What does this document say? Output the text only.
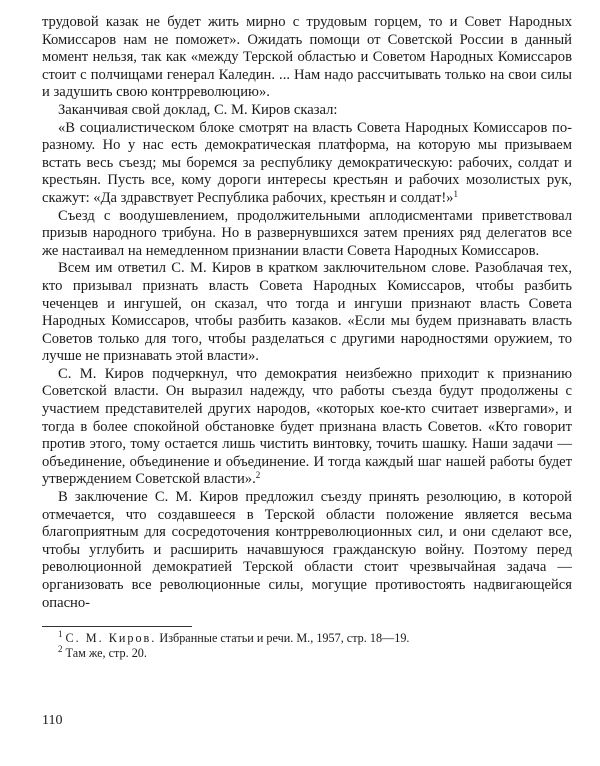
трудовой казак не будет жить мирно с трудовым горцем, то и Совет Народных Комиссаров нам не поможет». Ожидать помощи от Советской России в данный момент нельзя, так как «между Терской областью и Советом Народных Комиссаров стоит с полчищами генерал Каледин. ... Нам надо рассчитывать только на свои силы и задушить свою контрреволюцию».

Заканчивая свой доклад, С. М. Киров сказал:

«В социалистическом блоке смотрят на власть Совета Народных Комиссаров по-разному. Но у нас есть демократическая платформа, на которую мы призываем встать весь съезд; мы боремся за республику демократическую: рабочих, солдат и крестьян. Пусть все, кому дороги интересы крестьян и рабочих мозолистых рук, скажут: «Да здравствует Республика рабочих, крестьян и солдат!»$^1$

Съезд с воодушевлением, продолжительными аплодисментами приветствовал призыв народного трибуна. Но в развернувшихся затем прениях ряд делегатов все же настаивал на немедленном признании власти Совета Народных Комиссаров.

Всем им ответил С. М. Киров в кратком заключительном слове. Разоблачая тех, кто призывал признать власть Совета Народных Комиссаров, чтобы разбить чеченцев и ингушей, он сказал, что тогда и ингуши признают власть Совета Народных Комиссаров, чтобы разбить казаков. «Если мы будем признавать власть Советов только для того, чтобы разделаться с другими народностями оружием, то лучше не признавать этой власти».

С. М. Киров подчеркнул, что демократия неизбежно приходит к признанию Советской власти. Он выразил надежду, что работы съезда будут продолжены с участием представителей других народов, «которых кое-кто считает извергами», и тогда в более спокойной обстановке будет признана власть Советов. «Кто говорит против этого, тому остается лишь чистить винтовку, точить шашку. Наши задачи — объединение, объединение и объединение. И тогда каждый шаг нашей работы будет утверждением Советской власти».$^2$

В заключение С. М. Киров предложил съезду принять резолюцию, в которой отмечается, что создавшееся в Терской области положение является весьма благоприятным для сосредоточения контрреволюционных сил, и они сделают все, чтобы углубить и расширить начавшуюся гражданскую войну. Поэтому перед революционной демократией Терской области стоит чрезвычайная задача — организовать все революционные силы, могущие противостоять надвигающейся опасно-

$^1$ С. М. Киров. Избранные статьи и речи. М., 1957, стр. 18—19.

$^2$ Там же, стр. 20.

110
